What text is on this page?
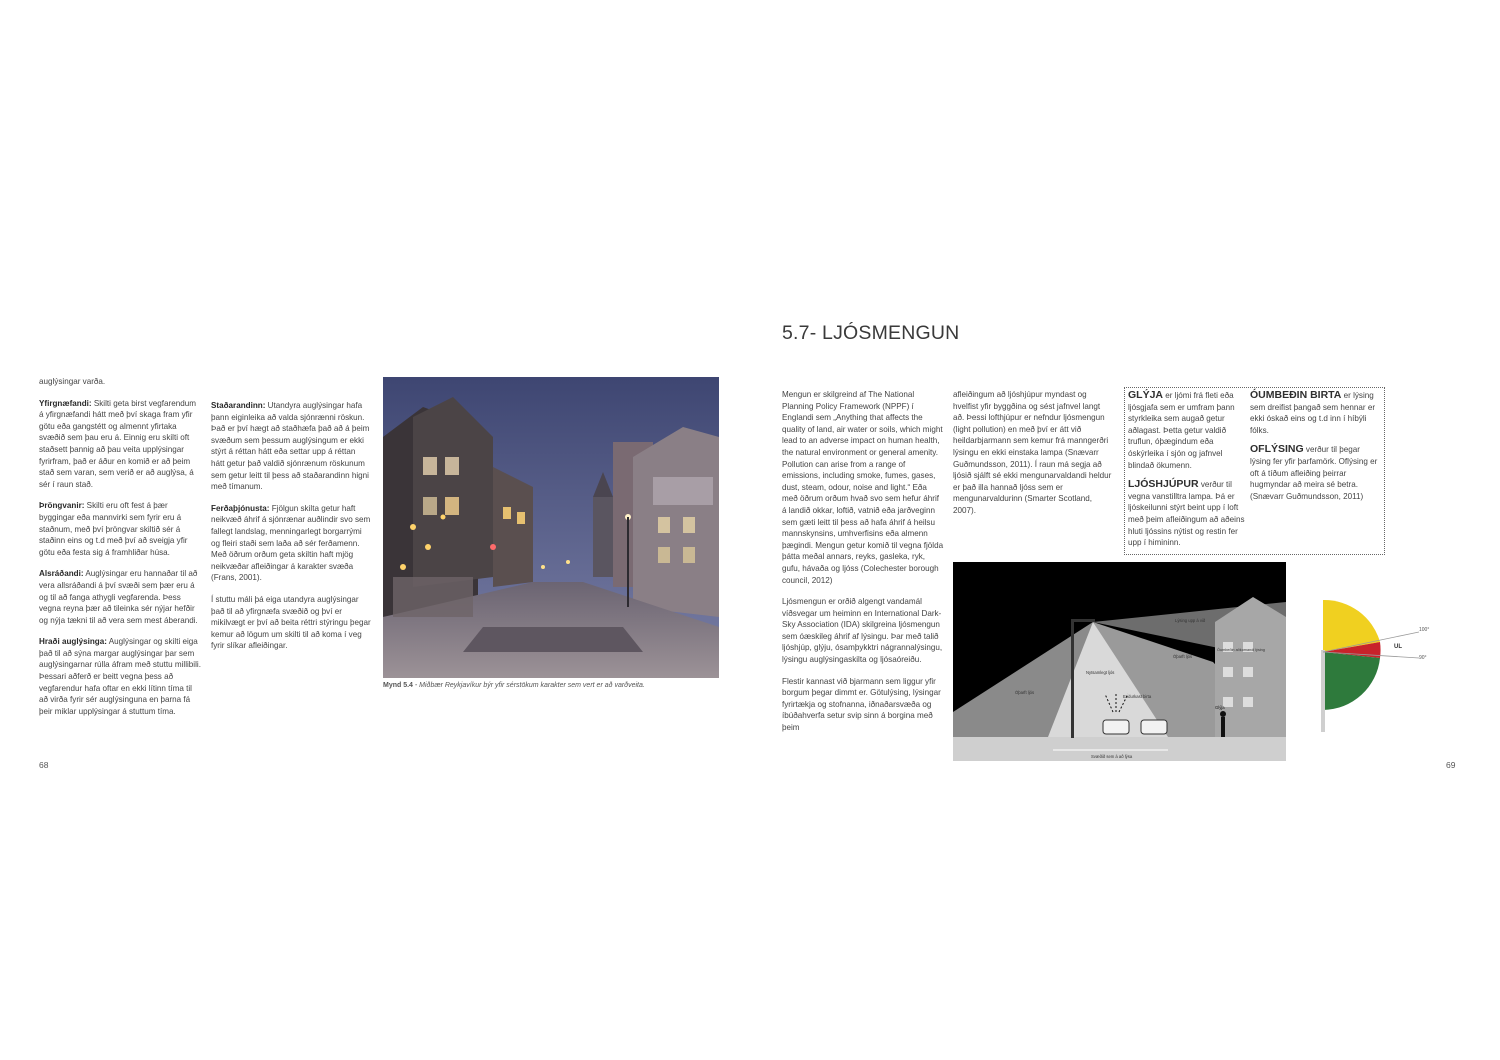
auglýsingar varða.

Yfirgnæfandi: Skilti geta birst vegfarendum á yfirgnæfandi hátt með því skaga fram yfir götu eða gangstétt og almennt yfirtaka svæðið sem þau eru á. Einnig eru skilti oft staðsett þannig að þau veita upplýsingar fyrirfram, það er áður en komið er að þeim stað sem varan, sem verið er að auglýsa, á sér í raun stað.

Þröngvanir: Skilti eru oft fest á þær byggingar eða mannvirki sem fyrir eru á staðnum, með því þröngvar skiltið sér á staðinn eins og t.d með því að sveigja yfir götu eða festa sig á framhliðar húsa.

Alsráðandi: Auglýsingar eru hannaðar til að vera allsráðandi á því svæði sem þær eru á og til að fanga athygli vegfarenda. Þess vegna reyna þær að tileinka sér nýjar hefðir og nýja tækni til að vera sem mest áberandi.

Hraði auglýsinga: Auglýsingar og skilti eiga það til að sýna margar auglýsingar þar sem auglýsingarnar rúlla áfram með stuttu millibili. Þessari aðferð er beitt vegna þess að vegfarendur hafa oftar en ekki lítinn tíma til að virða fyrir sér auglýsinguna en þarna fá þeir miklar upplýsingar á stuttum tíma.

Staðarandinn: Utandyra auglýsingar hafa þann eiginleika að valda sjónrænni röskun. Það er því hægt að staðhæfa það að á þeim svæðum sem þessum auglýsingum er ekki stýrt á réttan hátt eða settar upp á réttan hátt getur það valdið sjónrænum röskunum sem getur leitt til þess að staðarandinn higni með tímanum.

Ferðaþjónusta: Fjölgun skilta getur haft neikvæð áhrif á sjónrænar auðlindir svo sem fallegt landslag, menningarlegt borgarrými og fleiri staði sem laða að sér ferðamenn. Með öðrum orðum geta skiltin haft mjög neikvæðar afleiðingar á karakter svæða (Frans, 2001).

Í stuttu máli þá eiga utandyra auglýsingar það til að yfirgnæfa svæðið og því er mikilvægt er því að beita réttri stýringu þegar kemur að lögum um skilti til að koma í veg fyrir slíkar afleiðingar.

Mynd 5.4 - Miðbær Reykjavíkur býr yfir sérstökum karakter sem vert er að varðveita.
68
5.7- LJÓSMENGUN

Mengun er skilgreind af The National Planning Policy Framework (NPPF) í Englandi sem „Anything that affects the quality of land, air water or soils, which might lead to an adverse impact on human health, the natural environment or general amenity. Pollution can arise from a range of emissions, including smoke, fumes, gases, dust, steam, odour, noise and light.“ Eða með öðrum orðum hvað svo sem hefur áhrif á landið okkar, loftið, vatnið eða jarðveginn sem gæti leitt til þess að hafa áhrif á heilsu mannskynsins, umhverfisins eða almenn þægindi. Mengun getur komið til vegna fjölda þátta meðal annars, reyks, gasleka, ryk, gufu, hávaða og ljóss (Colechester borough council, 2012)

Ljósmengun er orðið algengt vandamál víðsvegar um heiminn en International Dark-Sky Association (IDA) skilgreina ljósmengun sem óæskileg áhrif af lýsingu. Þar með talið ljóshjúp, glýju, ósamþykktri nágrannalýsingu, lýsingu auglýsingaskilta og ljósaóreiðu.

Flestir kannast við bjarmann sem liggur yfir borgum þegar dimmt er. Götulýsing, lýsingar fyrirtækja og stofnanna, iðnaðarsvæða og íbúðahverfa setur svip sinn á borgina með þeim

afleiðingum að ljóshjúpur myndast og hvelfist yfir byggðina og sést jafnvel langt að. Þessi lofthjúpur er nefndur ljósmengun (light pollution) en með því er átt við heildarbjarmann sem kemur frá manngerðri lýsingu en ekki einstaka lampa (Snævarr Guðmundsson, 2011). Í raun má segja að ljósið sjálft sé ekki mengunarvaldandi heldur er það illa hannað ljóss sem er mengunarvaldurinn (Smarter Scotland, 2007).

GLÝJA er ljómi frá fleti eða ljósgjafa sem er umfram þann styrkleika sem augað getur aðlagast. Þetta getur valdið truflun, óþægindum eða óskýrleika í sjón og jafnvel blindað ökumenn.
LJÓSHJÚPUR verður til vegna vanstilltra lampa. Þá er ljóskeilunni stýrt beint upp í loft með þeim afleiðingum að aðeins hluti ljóssins nýtist og restin fer upp í himininn.
ÓUMBEÐIN BIRTA er lýsing sem dreifist þangað sem hennar er ekki óskað eins og t.d inn í híbýli fólks.
OFLÝSING verður til þegar lýsing fer yfir þarfamörk. Oflýsing er oft á tíðum afleiðing þeirrar hugmyndar að meira sé betra. (Snævarr Guðmundsson, 2011)
Lýsing upp á við
Óþarft ljós
Óþarft ljós
Nytsamlegt ljós
Endurkast birta
Óumbeðin aðkomandi lýsing
Glýja
Svæðið sem á að lýsa
100°
90°
UL
69
